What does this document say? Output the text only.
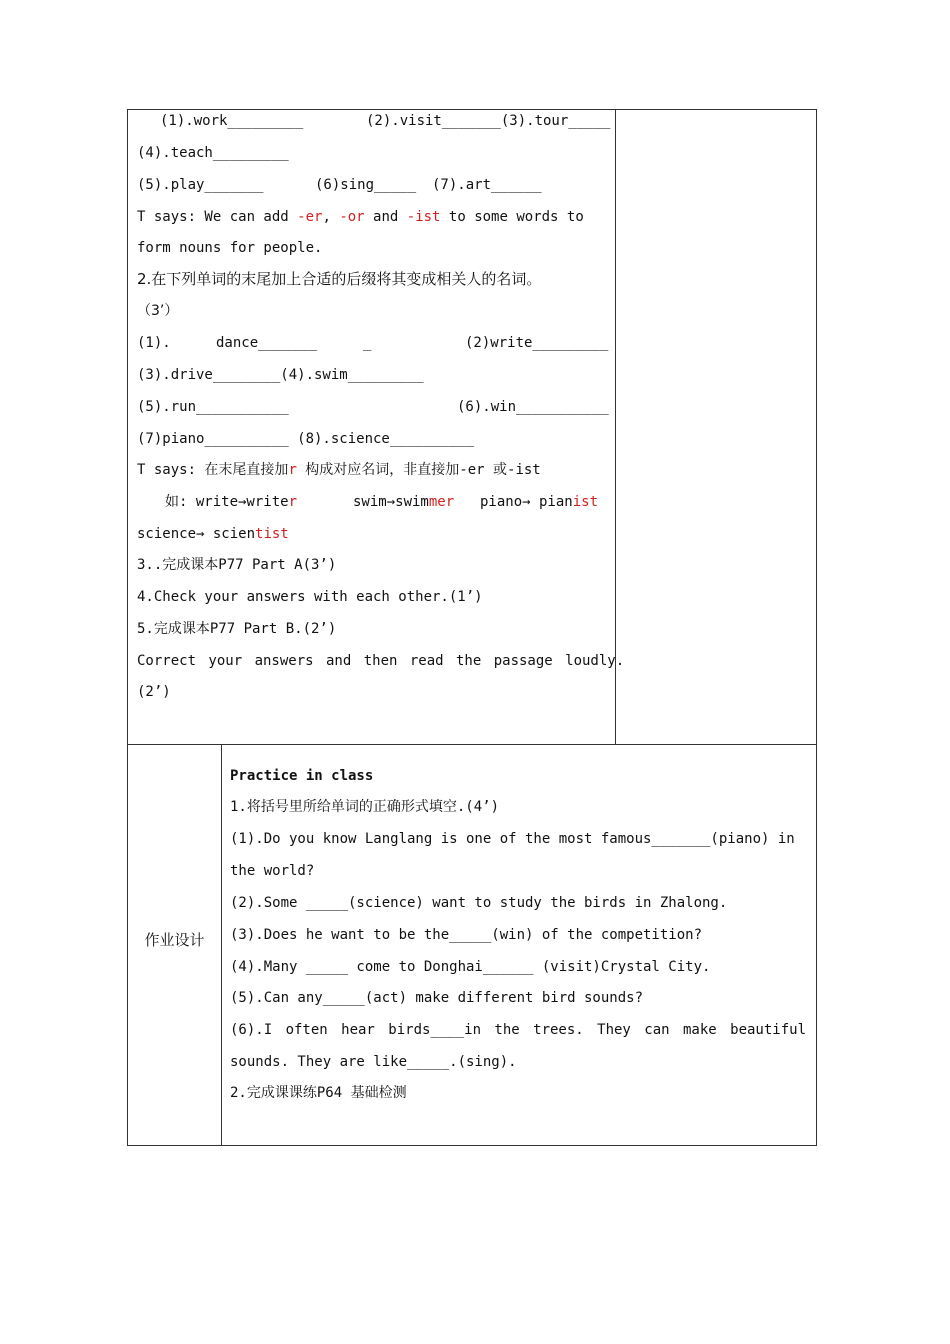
(1).work_________	(2).visit_______(3).tour_____
(4).teach_________
(5).play_______	(6)sing_____ (7).art______
T says: We can add -er, -or and -ist to some words to
form nouns for people.
2.在下列单词的末尾加上合适的后缀将其变成相关人的名词。
（3’）
(1).	dance_______	_	(2)write_________
(3).drive________(4).swim_________
(5).run___________	(6).win___________
(7)piano__________ (8).science__________
T says: 在末尾直接加r 构成对应名词，非直接加-er 或-ist
如: write→writer	swim→swimmer piano→ pianist
science→ scientist
3..完成课本P77 Part A(3’)
4.Check your answers with each other.(1’)
5.完成课本P77 Part B.(2’)
Correct your answers and then read the passage loudly.
(2’)
作业设计
Practice in class
1.将括号里所给单词的正确形式填空.(4’)
(1).Do you know Langlang is one of the most famous_______(piano) in
the world?
(2).Some _____(science) want to study the birds in Zhalong.
(3).Does he want to be the_____(win) of the competition?
(4).Many _____ come to Donghai______ (visit)Crystal City.
(5).Can any_____(act) make different bird sounds?
(6).I often hear birds____in the trees. They can make beautiful
sounds. They are like_____.(sing).
2.完成课课练P64 基础检测
